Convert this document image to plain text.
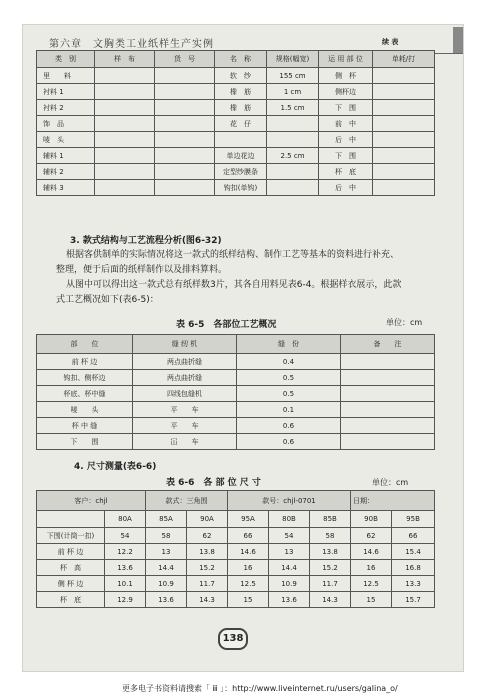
第六章　文胸类工业纸样生产实例	续 表
类　别	样　布	货　号	名　称	规格(幅宽)	运 用 部 位	单耗/打
里　　料			软　纱	155 cm	侧　杯	
衬料 1			橡　筋	1 cm	侧杯边	
衬料 2			橡　筋	1.5 cm	下　围	
饰　品			花　仔		前　中	
唛　头					后　中	
辅料 1			单边花边	2.5 cm	下　围	
辅料 2			定型纱膜条		杯　底	
辅料 3			钩扣(单钩)		后　中	
3. 款式结构与工艺流程分析(图6-32)
根据客供制单的实际情况将这一款式的纸样结构、制作工艺等基本的资料进行补充、
整理，便于后面的纸样制作以及排料算料。
从图中可以得出这一款式总有纸样数3片，其各自用料见表6-4。根据样衣展示，此款
式工艺概况如下(表6-5)：
表 6-5　各部位工艺概况	单位：cm
部　　位	缝 纫 机	缝　份	备　　注
前 杯 边	两点曲折缝	0.4	
钩扣、侧杯边	两点曲折缝	0.5	
杯底、杯中缝	四线包缝机	0.5	
唛　　头	平　　车	0.1	
杯 中 缝	平　　车	0.6	
下　　围	冚　　车	0.6	
4. 尺寸测量(表6-6)
表 6-6　各 部 位 尺 寸	单位：cm
客户：chjl		款式：三角围		款号：chjl-0701			日期：	
	80A	85A	90A	95A	80B	85B	90B	95B
下围(计筒一扣)	54	58	62	66	54	58	62	66
前 杯 边	12.2	13	13.8	14.6	13	13.8	14.6	15.4
杯　高	13.6	14.4	15.2	16	14.4	15.2	16	16.8
侧 杯 边	10.1	10.9	11.7	12.5	10.9	11.7	12.5	13.3
杯　底	12.9	13.6	14.3	15	13.6	14.3	15	15.7
138
更多电子书资料请搜索「 ⅲ 」：http://www.liveinternet.ru/users/galina_o/
